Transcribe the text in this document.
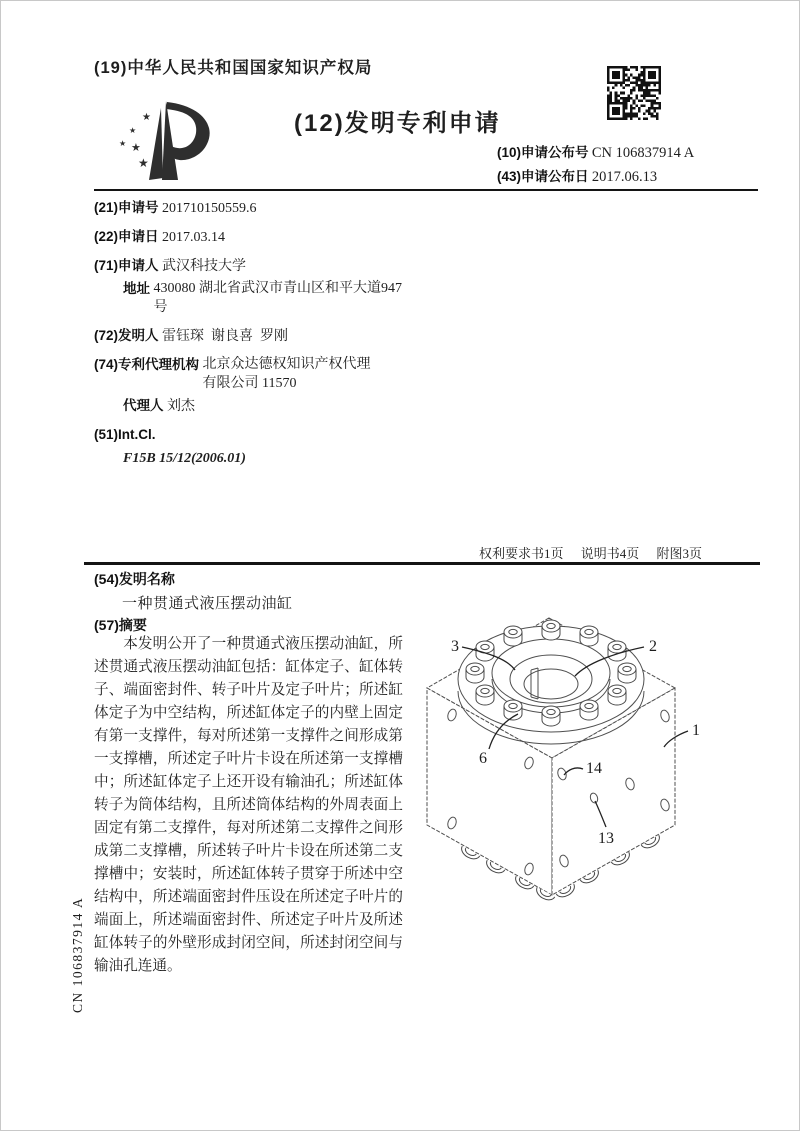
(19)中华人民共和国国家知识产权局
★
★
★ ★
★
(12)发明专利申请
(10)申请公布号 CN 106837914 A
(43)申请公布日 2017.06.13
(21)申请号 201710150559.6
(22)申请日 2017.03.14
(71)申请人 武汉科技大学
地址 430080 湖北省武汉市青山区和平大道947号
(72)发明人 雷钰琛  谢良喜  罗刚
(74)专利代理机构 北京众达德权知识产权代理有限公司 11570
代理人 刘杰
(51)Int.Cl.
F15B 15/12(2006.01)
权利要求书1页 说明书4页 附图3页
(54)发明名称
一种贯通式液压摆动油缸
(57)摘要
本发明公开了一种贯通式液压摆动油缸，所述贯通式液压摆动油缸包括：缸体定子、缸体转子、端面密封件、转子叶片及定子叶片；所述缸体定子为中空结构，所述缸体定子的内壁上固定有第一支撑件，每对所述第一支撑件之间形成第一支撑槽，所述定子叶片卡设在所述第一支撑槽中；所述缸体定子上还开设有输油孔；所述缸体转子为筒体结构，且所述筒体结构的外周表面上固定有第二支撑件，每对所述第二支撑件之间形成第二支撑槽，所述转子叶片卡设在所述第二支撑槽中；安装时，所述缸体转子贯穿于所述中空结构中，所述端面密封件压设在所述定子叶片的端面上，所述端面密封件、所述定子叶片及所述缸体转子的外壁形成封闭空间，所述封闭空间与输油孔连通。
3	2
1
6
14
13
CN 106837914 A
